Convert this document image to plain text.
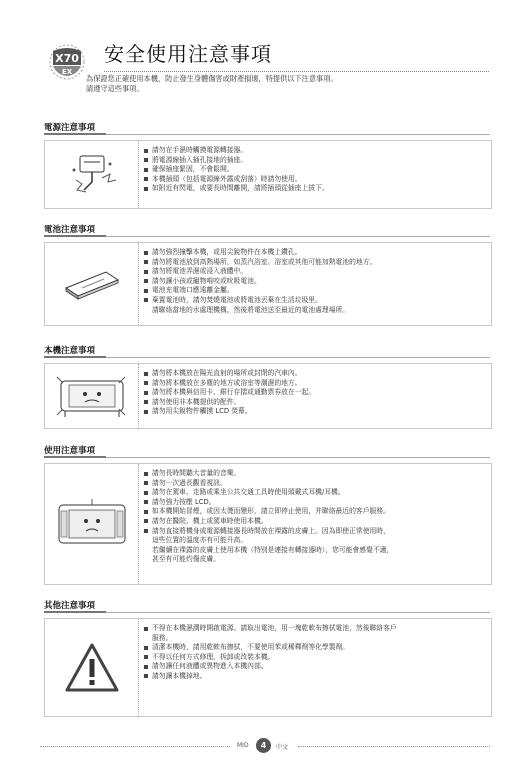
X70
EX
安全使用注意事項
為保證您正確使用本機，防止發生身體傷害或財產損壞，特提供以下注意事項。
請遵守這些事項。
電源注意事項
請勿在手濕時觸摸電源轉接器。
將電源線插入插孔接地的插座。
確保插座緊固，不會鬆開。
本機插頭（包括電源線外露或刮落）時請勿使用。
如附近有閃電，或要長時間離開，請將插頭從插座上拔下。
電池注意事項
請勿強烈撞擊本機，或用尖銳物件在本機上鑽孔。
請勿將電池放到高熱場所，如蒸汽浴室、浴室或其他可能加熱電池的地方。
請勿將電池弄濕或浸入液體中。
請勿讓小孩或寵物啃咬或吮吸電池。
電池充電端口應遠離金屬。
棄置電池時，請勿焚燒電池或將電池丟棄在生活垃圾里。
請聯絡當地的水處理機構，然後將電池送至最近的電池處理場所。
本機注意事項
請勿將本機放在陽光直射的場所或封閉的汽車內。
請勿將本機放在多塵的地方或浴室等潮濕的地方。
請勿將本機與信用卡、銀行存摺或通勤票券放在一起。
請勿使用非本機提供的配件。
請勿用尖銳物件觸摸 LCD 熒幕。
使用注意事項
請勿長時間聽大音量的音樂。
請勿一次過長觀看視訊。
請勿在駕車、走路或乘坐公共交通工具時使用頭戴式耳機/耳機。
請勿強力按壓 LCD。
如本機開始冒煙，或因太燙而變形，請立即停止使用，并聯絡最近的客戶服務。
請勿在醫院、機上或駕車時使用本機。
請勿直接將機身或電源轉接器長時間放在裸露的皮膚上。因為即使正常使用時，
這些位置的溫度亦有可能升高。
若繼續在裸露的皮膚上使用本機（特別是連接有轉接器時），您可能會感覺不適，
甚至有可能灼傷皮膚。
其他注意事項
不得在本機濕潤時開啟電源。請取出電池，用一塊乾軟布擦拭電池，然後聯絡客戶
服務。
清潔本機時，請用乾軟布擦拭，不要使用苯或稀釋劑等化學製劑。
不得以任何方式修理、拆卸或改裝本機。
請勿讓任何液體或異物進入本機內部。
請勿讓本機掉地。
MID	4	中文
